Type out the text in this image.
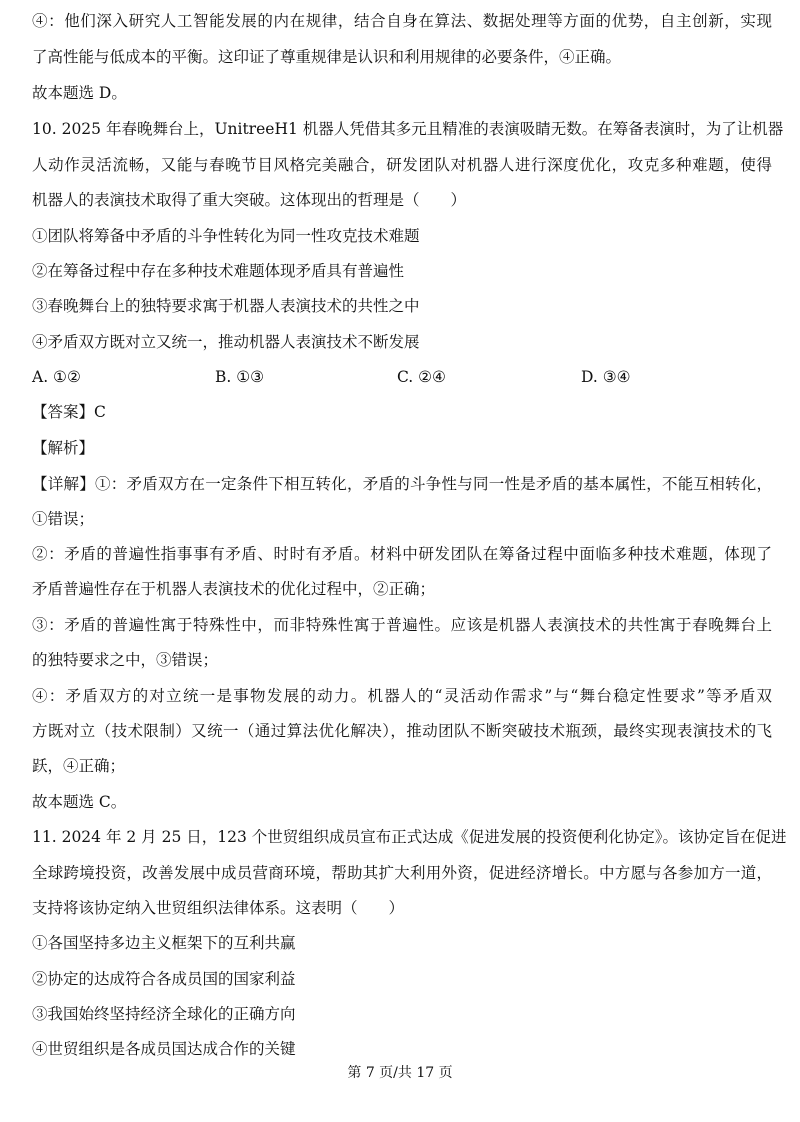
④：他们深入研究人工智能发展的内在规律，结合自身在算法、数据处理等方面的优势，自主创新，实现
了高性能与低成本的平衡。这印证了尊重规律是认识和利用规律的必要条件，④正确。
故本题选 D。
10. 2025 年春晚舞台上，UnitreeH1 机器人凭借其多元且精准的表演吸睛无数。在筹备表演时，为了让机器
人动作灵活流畅，又能与春晚节目风格完美融合，研发团队对机器人进行深度优化，攻克多种难题，使得
机器人的表演技术取得了重大突破。这体现出的哲理是（　　）
①团队将筹备中矛盾的斗争性转化为同一性攻克技术难题
②在筹备过程中存在多种技术难题体现矛盾具有普遍性
③春晚舞台上的独特要求寓于机器人表演技术的共性之中
④矛盾双方既对立又统一，推动机器人表演技术不断发展
A. ①②	B. ①③	C. ②④	D. ③④
【答案】C
【解析】
【详解】①：矛盾双方在一定条件下相互转化，矛盾的斗争性与同一性是矛盾的基本属性，不能互相转化，
①错误；
②：矛盾的普遍性指事事有矛盾、时时有矛盾。材料中研发团队在筹备过程中面临多种技术难题，体现了
矛盾普遍性存在于机器人表演技术的优化过程中，②正确；
③：矛盾的普遍性寓于特殊性中，而非特殊性寓于普遍性。应该是机器人表演技术的共性寓于春晚舞台上
的独特要求之中，③错误；
④：矛盾双方的对立统一是事物发展的动力。机器人的“灵活动作需求”与“舞台稳定性要求”等矛盾双
方既对立（技术限制）又统一（通过算法优化解决），推动团队不断突破技术瓶颈，最终实现表演技术的飞
跃，④正确；
故本题选 C。
11. 2024 年 2 月 25 日，123 个世贸组织成员宣布正式达成《促进发展的投资便利化协定》。该协定旨在促进
全球跨境投资，改善发展中成员营商环境，帮助其扩大利用外资，促进经济增长。中方愿与各参加方一道，
支持将该协定纳入世贸组织法律体系。这表明（　　）
①各国坚持多边主义框架下的互利共赢
②协定的达成符合各成员国的国家利益
③我国始终坚持经济全球化的正确方向
④世贸组织是各成员国达成合作的关键
第 7 页/共 17 页
